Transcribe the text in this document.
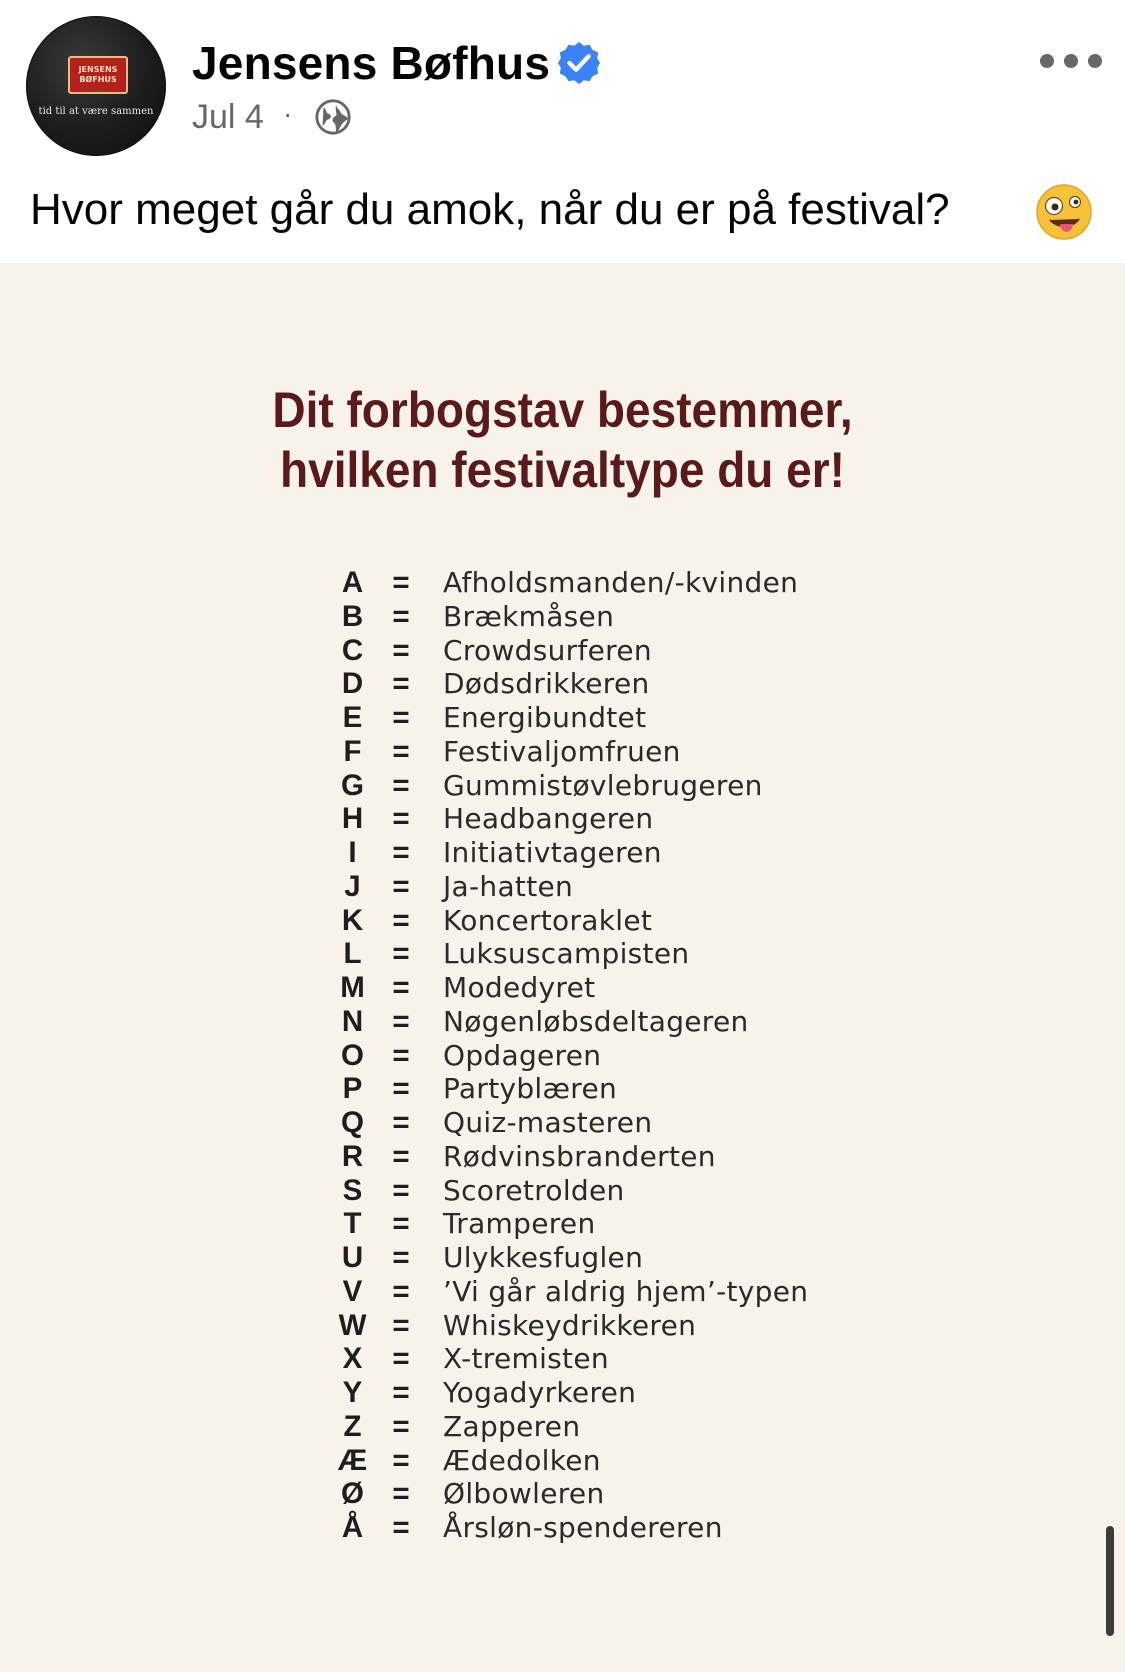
JENSENS
BØFHUS
tid til at være sammen
Jensens Bøfhus
Jul 4 ·
Hvor meget går du amok, når du er på festival?
Dit forbogstav bestemmer,
hvilken festivaltype du er!
A = Afholdsmanden/-kvinden
B = Brækmåsen
C = Crowdsurferen
D = Dødsdrikkeren
E	= Energibundtet
F	= Festivaljomfruen
G = Gummistøvlebrugeren
H = Headbangeren
I	= Initiativtageren
J	= Ja-hatten
K = Koncertoraklet
L	= Luksuscampisten
M = Modedyret
N = Nøgenløbsdeltageren
O = Opdageren
P	= Partyblæren
Q = Quiz-masteren
R = Rødvinsbranderten
S	= Scoretrolden
T	= Tramperen
U = Ulykkesfuglen
V	= ’Vi går aldrig hjem’-typen
W = Whiskeydrikkeren
X	= X-tremisten
Y	= Yogadyrkeren
Z	= Zapperen
Æ = Ædedolken
Ø = Ølbowleren
Å = Årsløn-spendereren
